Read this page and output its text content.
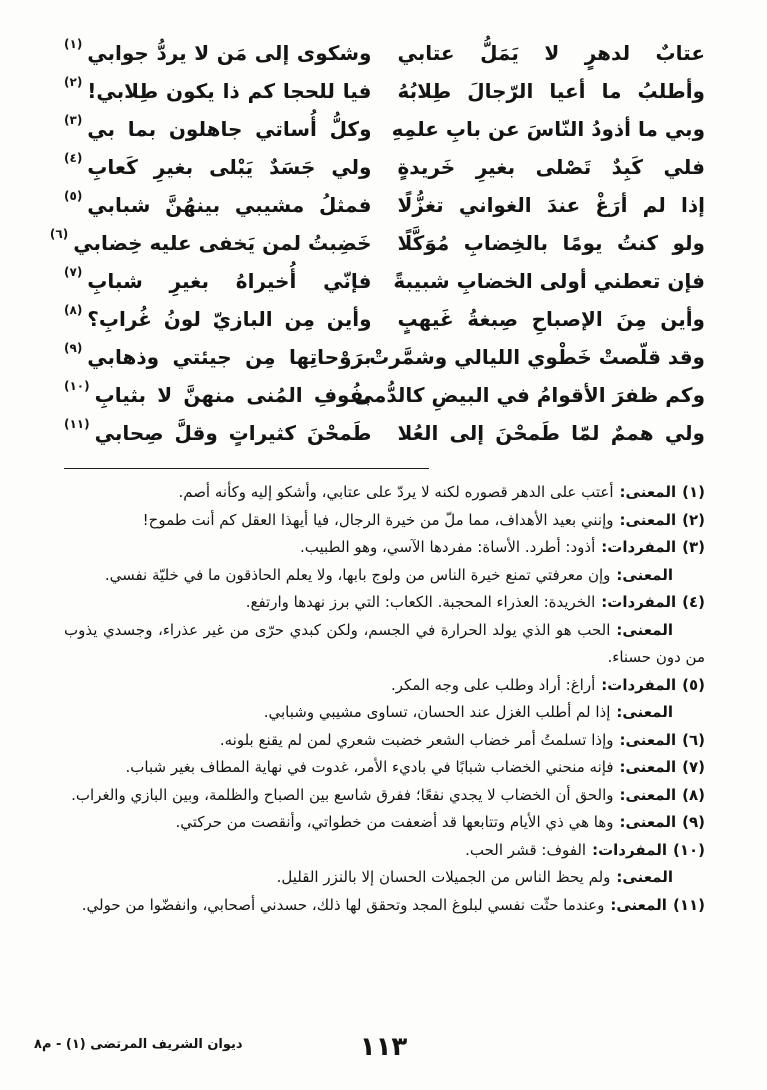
عتابٌ لدهرٍ لا يَمَلُّ عتابي
وشكوى إلى مَن لا يردُّ جوابي
$^{(١)}$
وأطلبُ ما أعيا الرّجالَ طِلابُهُ
فيا للحجا كم ذا يكون طِلابي!
$^{(٢)}$
وبي ما أذودُ النّاسَ عن بابِ علمِهِ
وكلُّ أُساتي جاهلون بما بي
$^{(٣)}$
فلي كَبِدٌ تَصْلى بغيرِ خَريدةٍ
ولي جَسَدٌ يَبْلى بغيرِ كَعابِ
$^{(٤)}$
إذا لم أرَغْ عندَ الغواني تغزُّلًا
فمثلُ مشيبي بينهُنَّ شبابي
$^{(٥)}$
ولو كنتُ يومًا بالخِضابِ مُوَكَّلًا
خَضِبتُ لمن يَخفى عليه خِضابي
$^{(٦)}$
فإن تعطني أولى الخضابِ شبيبةً
فإنّي أُخيراهُ بغيرِ شبابِ
$^{(٧)}$
وأين مِنَ الإصباحِ صِبغةُ غَيهبٍ
وأين مِن البازيّ لونُ غُرابِ؟
$^{(٨)}$
وقد قلّصتْ خَطْوي الليالي وشمَّرتْ
برَوْحاتِها مِن جيئتي وذهابي
$^{(٩)}$
وكم ظفرَ الأقوامُ في البيضِ كالدُّمى
بفُوفِ المُنى منهنَّ لا بثيابِ
$^{(١٠)}$
ولي هممٌ لمّا طَمحْنَ إلى العُلا
طَمحْنَ كثيراتٍ وقلَّ صِحابي
$^{(١١)}$

(١)المعنى:أعتب على الدهر قصوره لكنه لا يردّ على عتابي، وأشكو إليه وكأنه أصم.

(٢)المعنى:وإنني بعيد الأهداف، مما ملّ من خيرة الرجال، فيا أيهذا العقل كم أنت طموح!

(٣)المفردات:أذود: أطرد. الأساة: مفردها الآسي، وهو الطبيب.

المعنى:وإن معرفتي تمنع خيرة الناس من ولوج بابها، ولا يعلم الحاذقون ما في خليّة نفسي.

(٤)المفردات:الخريدة: العذراء المحجبة. الكعاب: التي برز نهدها وارتفع.

المعنى:الحب هو الذي يولد الحرارة في الجسم، ولكن كبدي حرّى من غير عذراء، وجسدي يذوب من دون حسناء.

(٥)المفردات:أراغ: أراد وطلب على وجه المكر.

المعنى:إذا لم أطلب الغزل عند الحسان، تساوى مشيبي وشبابي.

(٦)المعنى:وإذا تسلمتُ أمر خضاب الشعر خضبت شعري لمن لم يقنع بلونه.

(٧)المعنى:فإنه منحني الخضاب شبابًا في باديء الأمر، غدوت في نهاية المطاف بغير شباب.

(٨)المعنى:والحق أن الخضاب لا يجدي نفعًا؛ ففرق شاسع بين الصباح والظلمة، وبين البازي والغراب.

(٩)المعنى:وها هي ذي الأيام وتتابعها قد أضعفت من خطواتي، وأنقصت من حركتي.

(١٠)المفردات:الفوف: قشر الحب.

المعنى:ولم يحظ الناس من الجميلات الحسان إلا بالنزر القليل.

(١١)المعنى:وعندما حثّت نفسي لبلوغ المجد وتحقق لها ذلك، حسدني أصحابي، وانفضّوا من حولي.

ديوان الشريف المرتضى (١) - م٨	١١٣
